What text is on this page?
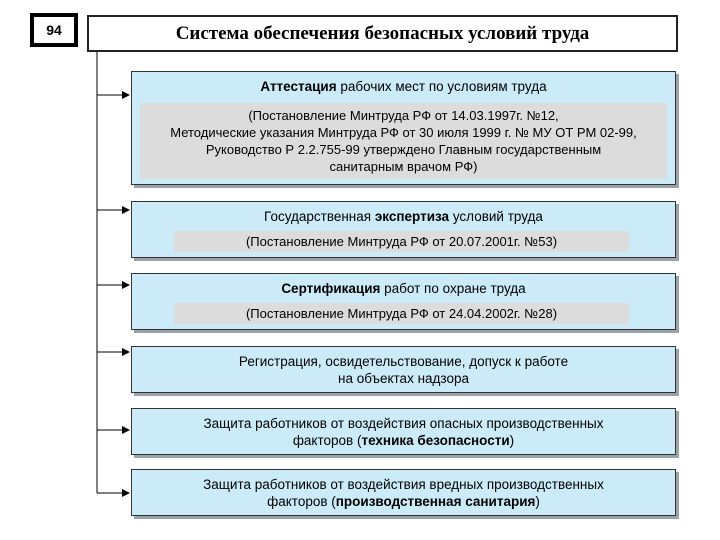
94	Система обеспечения безопасных условий труда
Аттестация рабочих мест по условиям труда
(Постановление Минтруда РФ от 14.03.1997г. №12,
Методические указания Минтруда РФ от 30 июля 1999 г. № МУ ОТ РМ 02-99,
Руководство Р 2.2.755-99 утверждено Главным государственным
санитарным врачом РФ)
Государственная экспертиза условий труда
(Постановление Минтруда РФ от 20.07.2001г. №53)
Сертификация работ по охране труда
(Постановление Минтруда РФ от 24.04.2002г. №28)
Регистрация, освидетельствование, допуск к работе
на объектах надзора
Защита работников от воздействия опасных производственных
факторов (техника безопасности)
Защита работников от воздействия вредных производственных
факторов (производственная санитария)
